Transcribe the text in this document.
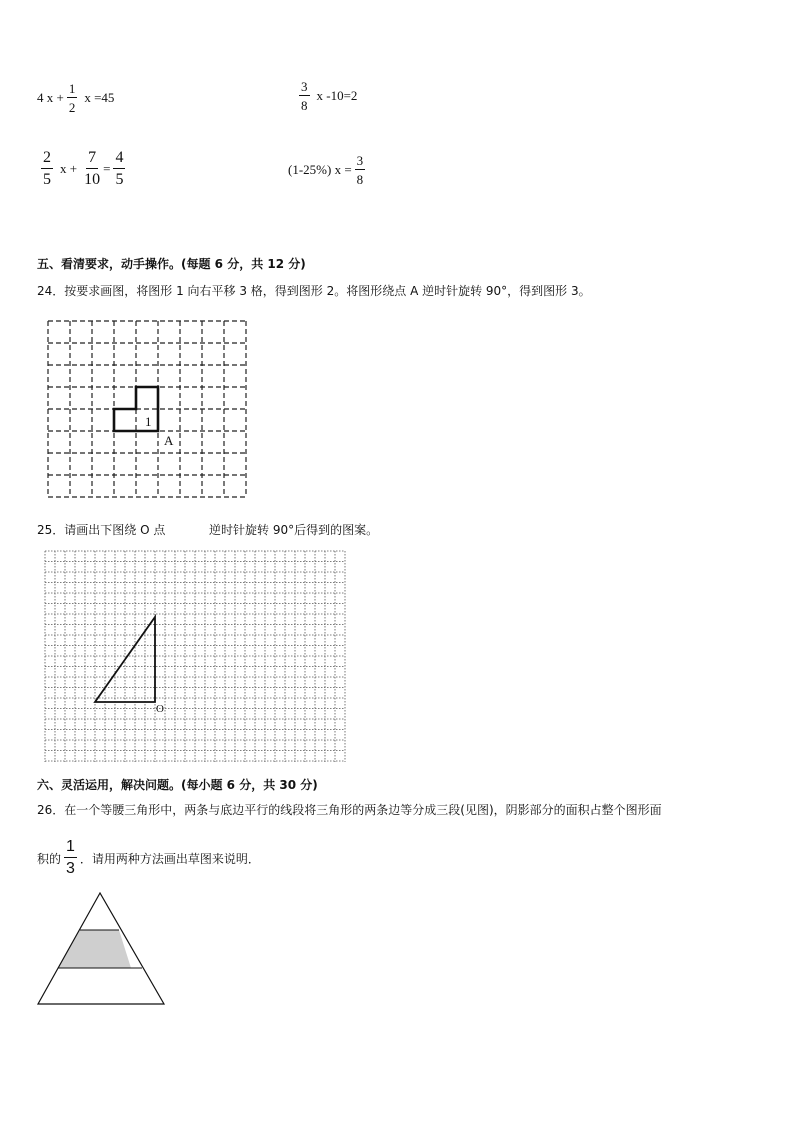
4 $x + \frac{1}{2}$ x =45	$\frac{3}{8}$ x -10=2
$\frac{2}{5}$ $x + \frac{7}{10} = \frac{4}{5}$	(1-25%) $x = \frac{3}{8}$
五、看清要求，动手操作。(每题 6 分，共 12 分)
24．按要求画图，将图形 1 向右平移 3 格，得到图形 2。将图形绕点 A 逆时针旋转 90°，得到图形 3。
1
A
25．请画出下图绕 O 点	逆时针旋转 90°后得到的图案。
O
六、灵活运用，解决问题。(每小题 6 分，共 30 分)
26．在一个等腰三角形中，两条与底边平行的线段将三角形的两条边等分成三段(见图)，阴影部分的面积占整个图形面
积的 $\frac{1}{3}$ ．请用两种方法画出草图来说明．
